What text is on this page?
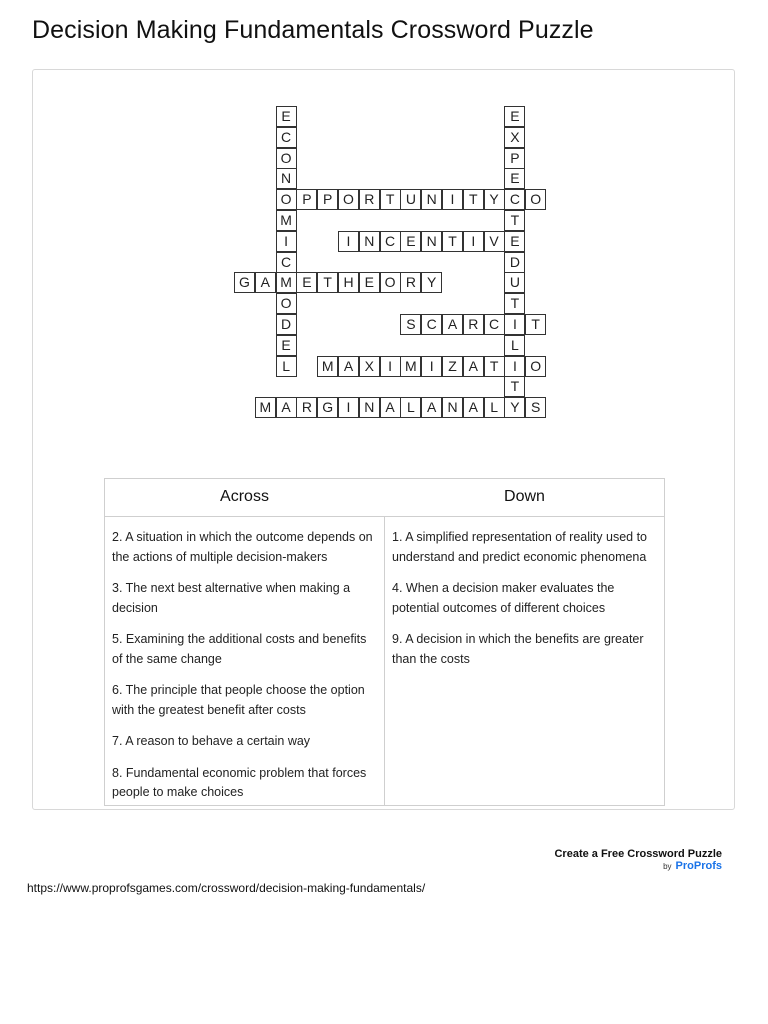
Decision Making Fundamentals Crossword Puzzle
E
C
O
N
O
M
I
C
M
O
D
E
L
E
X
P
E
C
T
E
D
U
T
I
L
I
T
Y
P P O R T U N I	T Y	O
I N C E N T	I	V
G A	E T H E O R Y
S C A R C	T
M A X	I M I	Z A T	O
M A R G I N A L A N A L	S
Across	Down

2. A situation in which the outcome depends on the actions of multiple decision-makers

3. The next best alternative when making a decision

5. Examining the additional costs and benefits of the same change

6. The principle that people choose the option with the greatest benefit after costs

7. A reason to behave a certain way

8. Fundamental economic problem that forces people to make choices

1. A simplified representation of reality used to understand and predict economic phenomena

4. When a decision maker evaluates the potential outcomes of different choices

9. A decision in which the benefits are greater than the costs

Create a Free Crossword Puzzle
by ProProfs
https://www.proprofsgames.com/crossword/decision-making-fundamentals/
